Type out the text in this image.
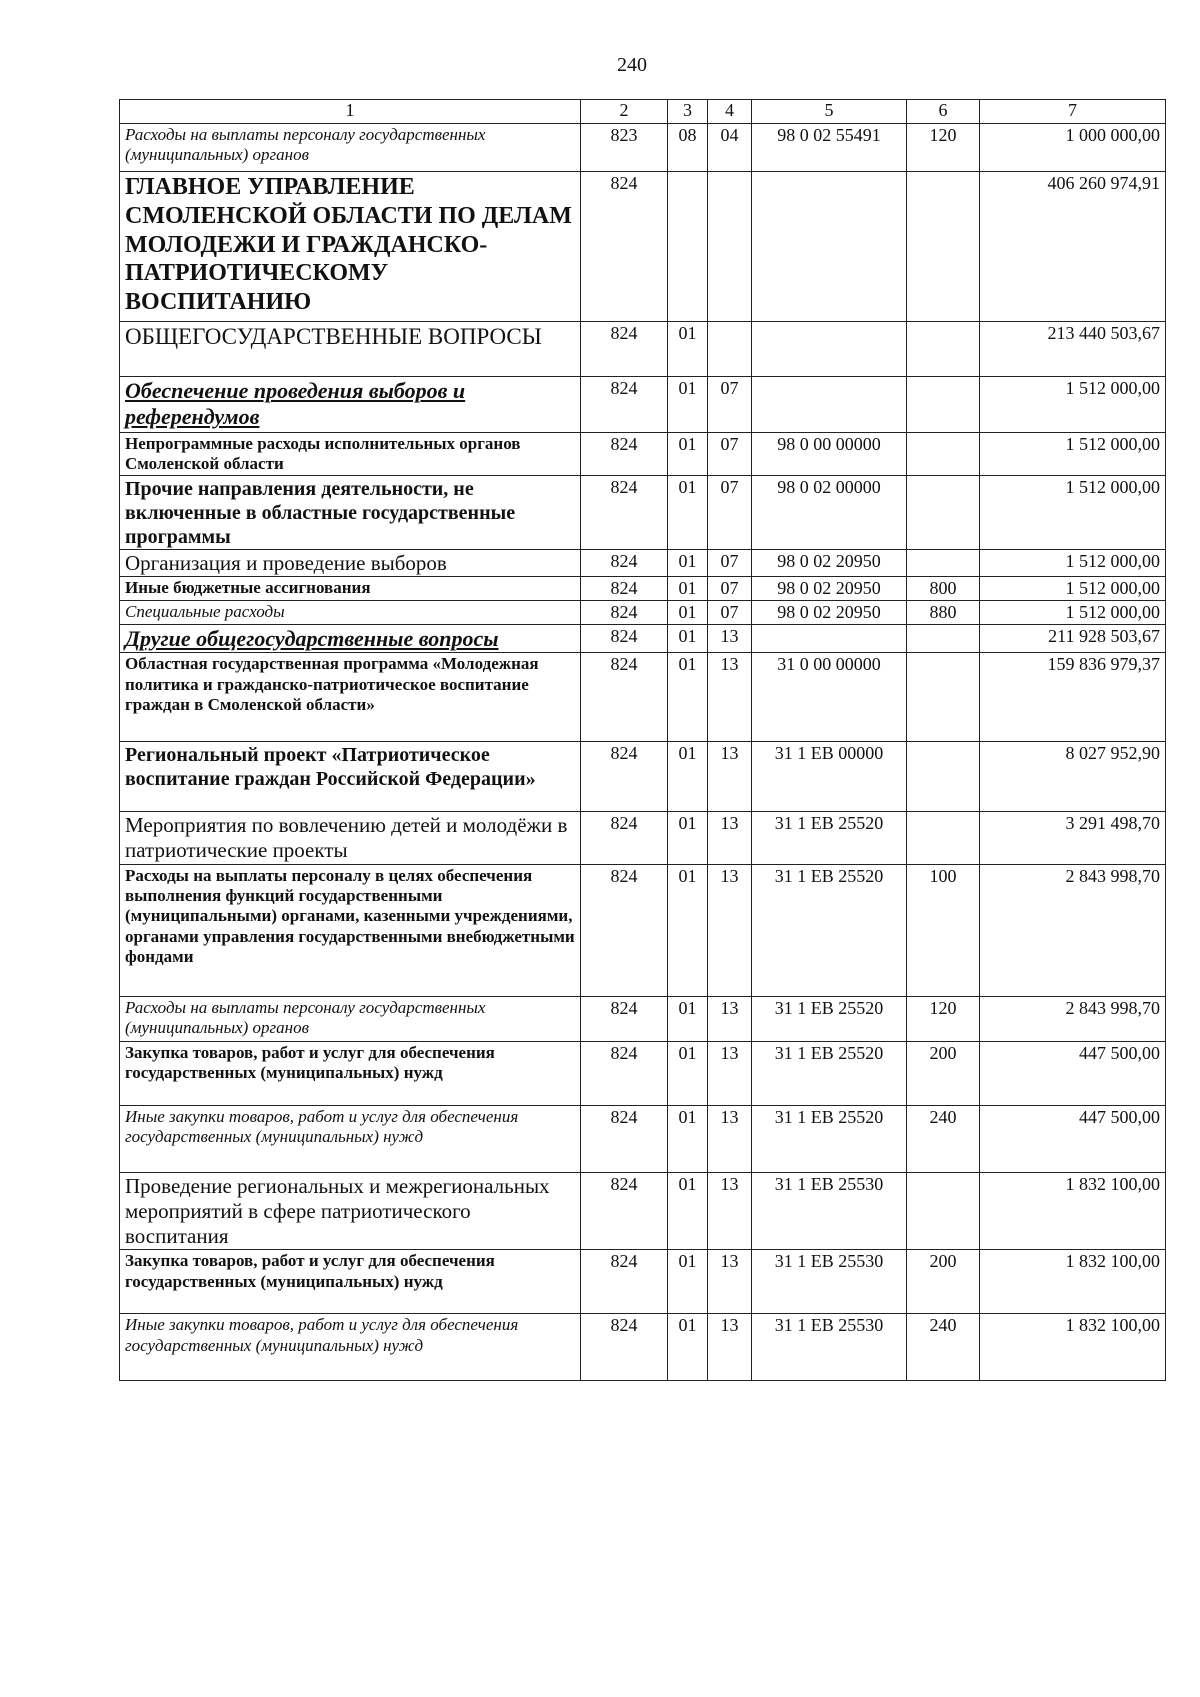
240
1	2	3	4	5	6	7
Расходы на выплаты персоналу государственных (муниципальных) органов	823	08	04	98 0 02 55491	120	1 000 000,00
ГЛАВНОЕ УПРАВЛЕНИЕ СМОЛЕНСКОЙ ОБЛАСТИ ПО ДЕЛАМ МОЛОДЕЖИ И ГРАЖДАНСКО-ПАТРИОТИЧЕСКОМУ ВОСПИТАНИЮ	824					406 260 974,91
ОБЩЕГОСУДАРСТВЕННЫЕ ВОПРОСЫ	824	01				213 440 503,67
Обеспечение проведения выборов и референдумов	824	01	07			1 512 000,00
Непрограммные расходы исполнительных органов Смоленской области	824	01	07	98 0 00 00000		1 512 000,00
Прочие направления деятельности, не включенные в областные государственные программы	824	01	07	98 0 02 00000		1 512 000,00
Организация и проведение выборов	824	01	07	98 0 02 20950		1 512 000,00
Иные бюджетные ассигнования	824	01	07	98 0 02 20950	800	1 512 000,00
Специальные расходы	824	01	07	98 0 02 20950	880	1 512 000,00
Другие общегосударственные вопросы	824	01	13			211 928 503,67
Областная государственная программа «Молодежная политика и гражданско-патриотическое воспитание граждан в Смоленской области»	824	01	13	31 0 00 00000		159 836 979,37
Региональный проект «Патриотическое воспитание граждан Российской Федерации»	824	01	13	31 1 ЕВ 00000		8 027 952,90
Мероприятия по вовлечению детей и молодёжи в патриотические проекты	824	01	13	31 1 ЕВ 25520		3 291 498,70
Расходы на выплаты персоналу в целях обеспечения выполнения функций государственными (муниципальными) органами, казенными учреждениями, органами управления государственными внебюджетными фондами	824	01	13	31 1 ЕВ 25520	100	2 843 998,70
Расходы на выплаты персоналу государственных (муниципальных) органов	824	01	13	31 1 ЕВ 25520	120	2 843 998,70
Закупка товаров, работ и услуг для обеспечения государственных (муниципальных) нужд	824	01	13	31 1 ЕВ 25520	200	447 500,00
Иные закупки товаров, работ и услуг для обеспечения государственных (муниципальных) нужд	824	01	13	31 1 ЕВ 25520	240	447 500,00
Проведение региональных и межрегиональных мероприятий в сфере патриотического воспитания	824	01	13	31 1 ЕВ 25530		1 832 100,00
Закупка товаров, работ и услуг для обеспечения государственных (муниципальных) нужд	824	01	13	31 1 ЕВ 25530	200	1 832 100,00
Иные закупки товаров, работ и услуг для обеспечения государственных (муниципальных) нужд	824	01	13	31 1 ЕВ 25530	240	1 832 100,00
